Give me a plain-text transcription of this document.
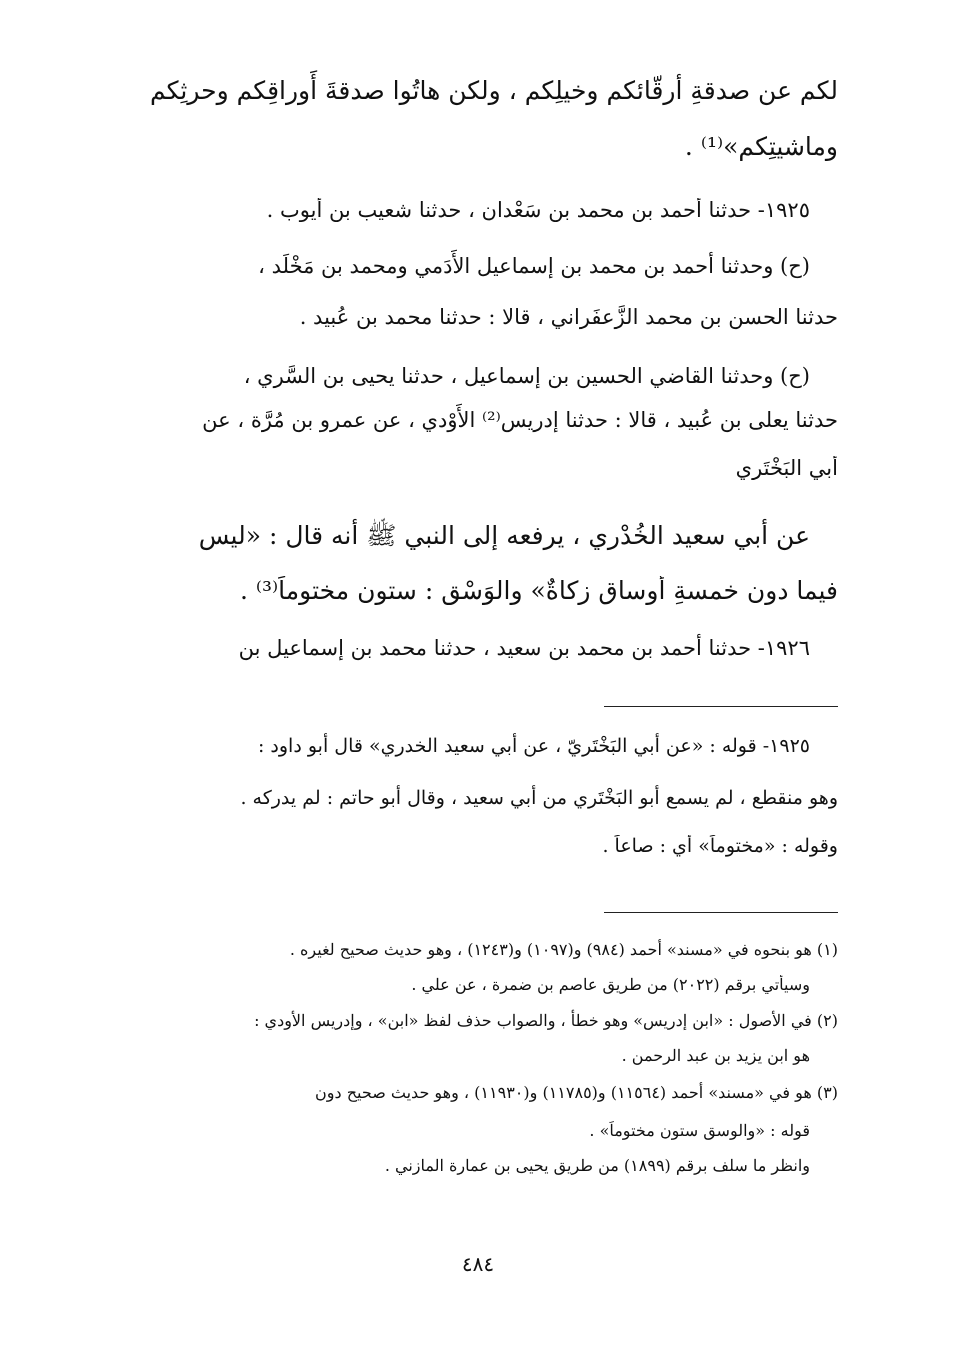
لكم عن صدقةِ أرقّائكم وخيلِكم ، ولكن هاتُوا صدقةَ أَوراقِكم وحرثِكم
وماشيتِكم»⁽¹⁾ .
١٩٢٥- حدثنا أحمد بن محمد بن سَعْدان ، حدثنا شعيب بن أيوب .
(ح) وحدثنا أحمد بن محمد بن إسماعيل الأَدَمي ومحمد بن مَخْلَد ،
حدثنا الحسن بن محمد الزَّعفَراني ، قالا : حدثنا محمد بن عُبيد .
(ح) وحدثنا القاضي الحسين بن إسماعيل ، حدثنا يحيى بن السَّري ،
حدثنا يعلى بن عُبيد ، قالا : حدثنا إدريس⁽²⁾ الأَوْدي ، عن عمرو بن مُرَّة ، عن
أبي البَخْتَري
عن أبي سعيد الخُدْري ، يرفعه إلى النبي ﷺ أنه قال : «ليس
فيما دون خمسةِ أوساق زكاةٌ» والوَسْق : ستون مختوماً⁽³⁾ .
١٩٢٦- حدثنا أحمد بن محمد بن سعيد ، حدثنا محمد بن إسماعيل بن
١٩٢٥- قوله : «عن أبي البَخْتَريّ ، عن أبي سعيد الخدري» قال أبو داود :
وهو منقطع ، لم يسمع أبو البَخْتَري من أبي سعيد ، وقال أبو حاتم : لم يدركه .
وقوله : «مختوماً» أي : صاعاً .
(١) هو بنحوه في «مسند» أحمد (٩٨٤) و(١٠٩٧) و(١٢٤٣) ، وهو حديث صحيح لغيره .
وسيأتي برقم (٢٠٢٢) من طريق عاصم بن ضمرة ، عن علي .
(٢) في الأصول : «ابن إدريس» وهو خطأ ، والصواب حذف لفظ «ابن» ، وإدريس الأودي :
هو ابن يزيد بن عبد الرحمن .
(٣) هو في «مسند» أحمد (١١٥٦٤) و(١١٧٨٥) و(١١٩٣٠) ، وهو حديث صحيح دون
قوله : «والوسق ستون مختوماً» .
وانظر ما سلف برقم (١٨٩٩) من طريق يحيى بن عمارة المازني .
٤٨٤
